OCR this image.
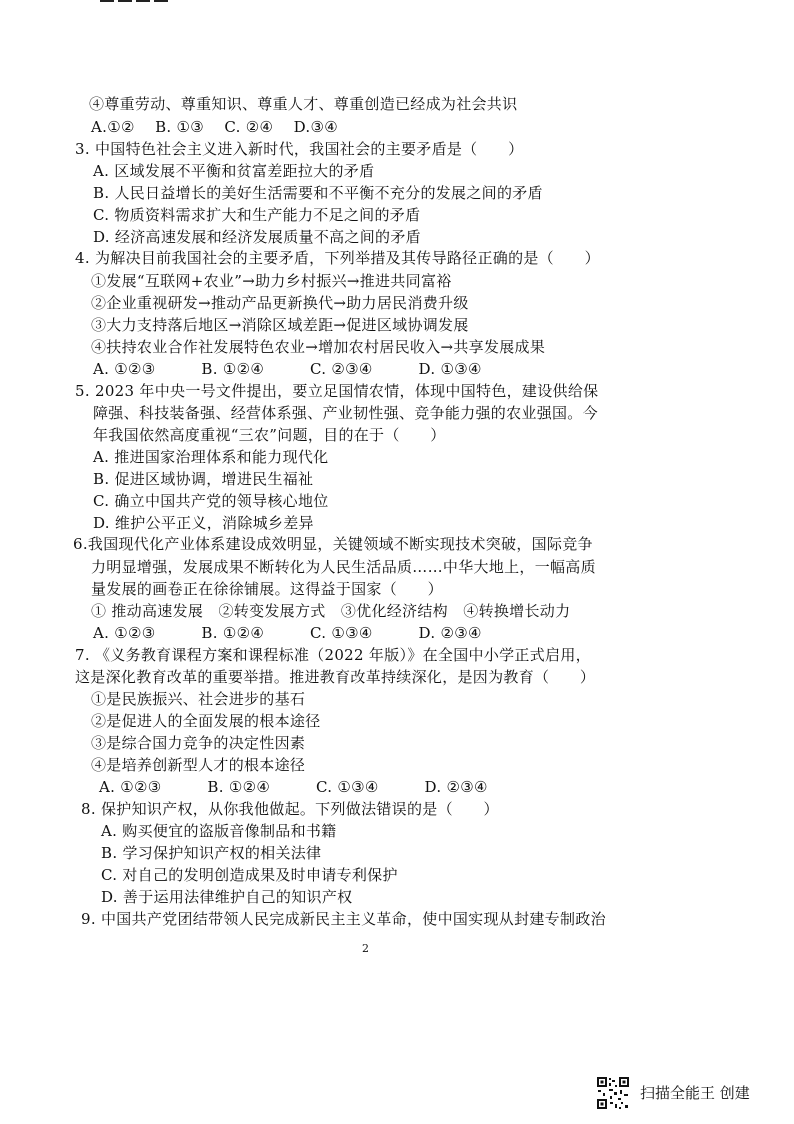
④尊重劳动、尊重知识、尊重人才、尊重创造已经成为社会共识
A.①②　 B. ①③　 C. ②④　 D.③④
3. 中国特色社会主义进入新时代，我国社会的主要矛盾是（　　）
A. 区域发展不平衡和贫富差距拉大的矛盾
B. 人民日益增长的美好生活需要和不平衡不充分的发展之间的矛盾
C. 物质资料需求扩大和生产能力不足之间的矛盾
D. 经济高速发展和经济发展质量不高之间的矛盾
4. 为解决目前我国社会的主要矛盾，下列举措及其传导路径正确的是（　　）
①发展“互联网+农业”→助力乡村振兴→推进共同富裕
②企业重视研发→推动产品更新换代→助力居民消费升级
③大力支持落后地区→消除区域差距→促进区域协调发展
④扶持农业合作社发展特色农业→增加农村居民收入→共享发展成果
A. ①②③　　　B. ①②④　　　C. ②③④　　　D. ①③④
5. 2023 年中央一号文件提出，要立足国情农情，体现中国特色，建设供给保
障强、科技装备强、经营体系强、产业韧性强、竞争能力强的农业强国。今
年我国依然高度重视“三农”问题，目的在于（　　）
A. 推进国家治理体系和能力现代化
B. 促进区域协调，增进民生福祉
C. 确立中国共产党的领导核心地位
D. 维护公平正义，消除城乡差异
6.我国现代化产业体系建设成效明显，关键领域不断实现技术突破，国际竞争
力明显增强，发展成果不断转化为人民生活品质……中华大地上，一幅高质
量发展的画卷正在徐徐铺展。这得益于国家（　　）
① 推动高速发展　②转变发展方式　③优化经济结构　④转换增长动力
A. ①②③　　　B. ①②④　　　C. ①③④　　　D. ②③④
7. 《义务教育课程方案和课程标准（2022 年版）》在全国中小学正式启用，
这是深化教育改革的重要举措。推进教育改革持续深化，是因为教育（　　）
①是民族振兴、社会进步的基石
②是促进人的全面发展的根本途径
③是综合国力竞争的决定性因素
④是培养创新型人才的根本途径
A. ①②③　　　B. ①②④　　　C. ①③④　　　D. ②③④
8. 保护知识产权，从你我他做起。下列做法错误的是（　　）
A. 购买便宜的盗版音像制品和书籍
B. 学习保护知识产权的相关法律
C. 对自己的发明创造成果及时申请专利保护
D. 善于运用法律维护自己的知识产权
9. 中国共产党团结带领人民完成新民主主义革命，使中国实现从封建专制政治
2
扫描全能王 创建
